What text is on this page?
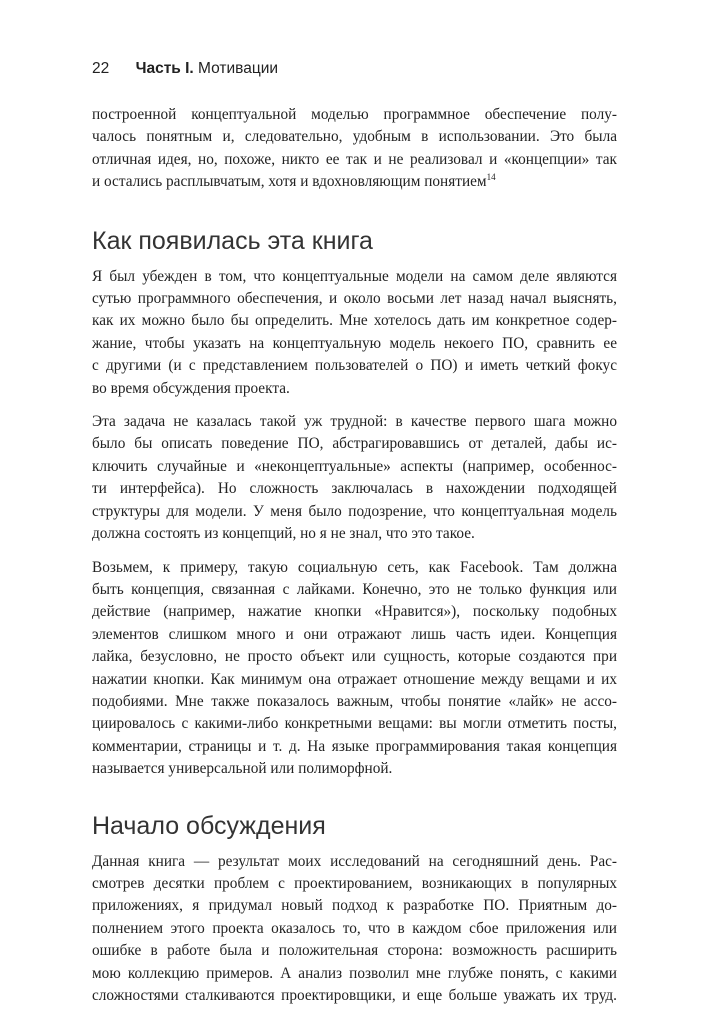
22 Часть I. Мотивации

построенной концептуальной моделью программное обеспечение полу-
чалось понятным и, следовательно, удобным в использовании. Это была
отличная идея, но, похоже, никто ее так и не реализовал и «концепции» так
и остались расплывчатым, хотя и вдохновляющим понятием$^{14}$

Как появилась эта книга

Я был убежден в том, что концептуальные модели на самом деле являются
сутью программного обеспечения, и около восьми лет назад начал выяснять,
как их можно было бы определить. Мне хотелось дать им конкретное содер-
жание, чтобы указать на концептуальную модель некоего ПО, сравнить ее
с другими (и с представлением пользователей о ПО) и иметь четкий фокус
во время обсуждения проекта.

Эта задача не казалась такой уж трудной: в качестве первого шага можно
было бы описать поведение ПО, абстрагировавшись от деталей, дабы ис-
ключить случайные и «неконцептуальные» аспекты (например, особеннос-
ти интерфейса). Но сложность заключалась в нахождении подходящей
структуры для модели. У меня было подозрение, что концептуальная модель
должна состоять из концепций, но я не знал, что это такое.

Возьмем, к примеру, такую социальную сеть, как Facebook. Там должна
быть концепция, связанная с лайками. Конечно, это не только функция или
действие (например, нажатие кнопки «Нравится»), поскольку подобных
элементов слишком много и они отражают лишь часть идеи. Концепция
лайка, безусловно, не просто объект или сущность, которые создаются при
нажатии кнопки. Как минимум она отражает отношение между вещами и их
подобиями. Мне также показалось важным, чтобы понятие «лайк» не ассо-
циировалось с какими-либо конкретными вещами: вы могли отметить посты,
комментарии, страницы и т. д. На языке программирования такая концепция
называется универсальной или полиморфной.

Начало обсуждения

Данная книга — результат моих исследований на сегодняшний день. Рас-
смотрев десятки проблем с проектированием, возникающих в популярных
приложениях, я придумал новый подход к разработке ПО. Приятным до-
полнением этого проекта оказалось то, что в каждом сбое приложения или
ошибке в работе была и положительная сторона: возможность расширить
мою коллекцию примеров. А анализ позволил мне глубже понять, с какими
сложностями сталкиваются проектировщики, и еще больше уважать их труд.
